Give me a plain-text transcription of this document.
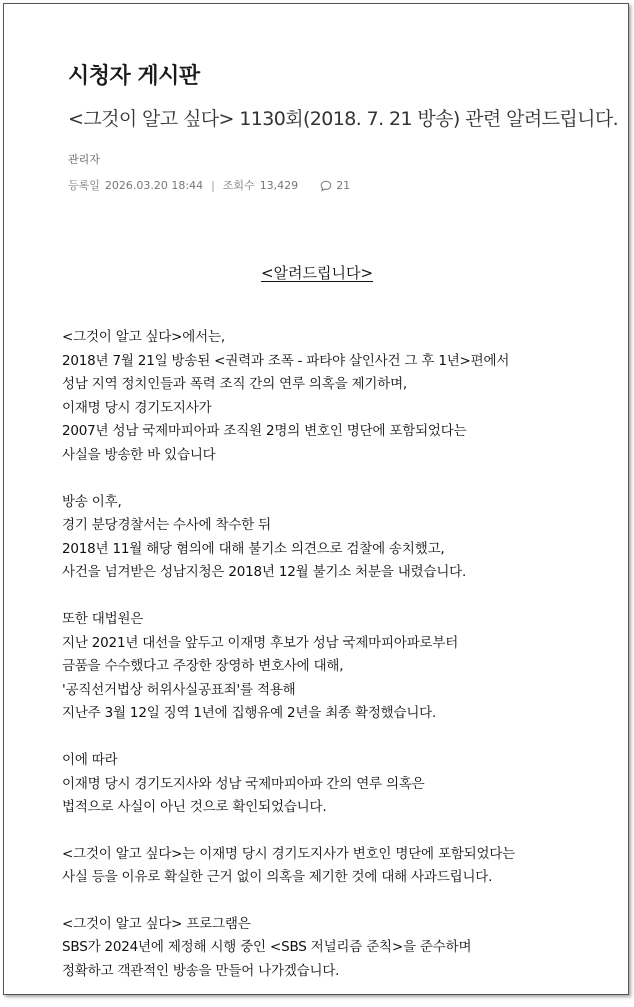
시청자 게시판
<그것이 알고 싶다> 1130회(2018. 7. 21 방송) 관련 알려드립니다.
관리자
등록일 2026.03.20 18:44 | 조회수 13,429	21
<알려드립니다>
<그것이 알고 싶다>에서는,
2018년 7월 21일 방송된 <권력과 조폭 - 파타야 살인사건 그 후 1년>편에서
성남 지역 정치인들과 폭력 조직 간의 연루 의혹을 제기하며,
이재명 당시 경기도지사가
2007년 성남 국제마피아파 조직원 2명의 변호인 명단에 포함되었다는
사실을 방송한 바 있습니다
방송 이후,
경기 분당경찰서는 수사에 착수한 뒤
2018년 11월 해당 혐의에 대해 불기소 의견으로 검찰에 송치했고,
사건을 넘겨받은 성남지청은 2018년 12월 불기소 처분을 내렸습니다.
또한 대법원은
지난 2021년 대선을 앞두고 이재명 후보가 성남 국제마피아파로부터
금품을 수수했다고 주장한 장영하 변호사에 대해,
'공직선거법상 허위사실공표죄'를 적용해
지난주 3월 12일 징역 1년에 집행유예 2년을 최종 확정했습니다.
이에 따라
이재명 당시 경기도지사와 성남 국제마피아파 간의 연루 의혹은
법적으로 사실이 아닌 것으로 확인되었습니다.
<그것이 알고 싶다>는 이재명 당시 경기도지사가 변호인 명단에 포함되었다는
사실 등을 이유로 확실한 근거 없이 의혹을 제기한 것에 대해 사과드립니다.
<그것이 알고 싶다> 프로그램은
SBS가 2024년에 제정해 시행 중인 <SBS 저널리즘 준칙>을 준수하며
정확하고 객관적인 방송을 만들어 나가겠습니다.
